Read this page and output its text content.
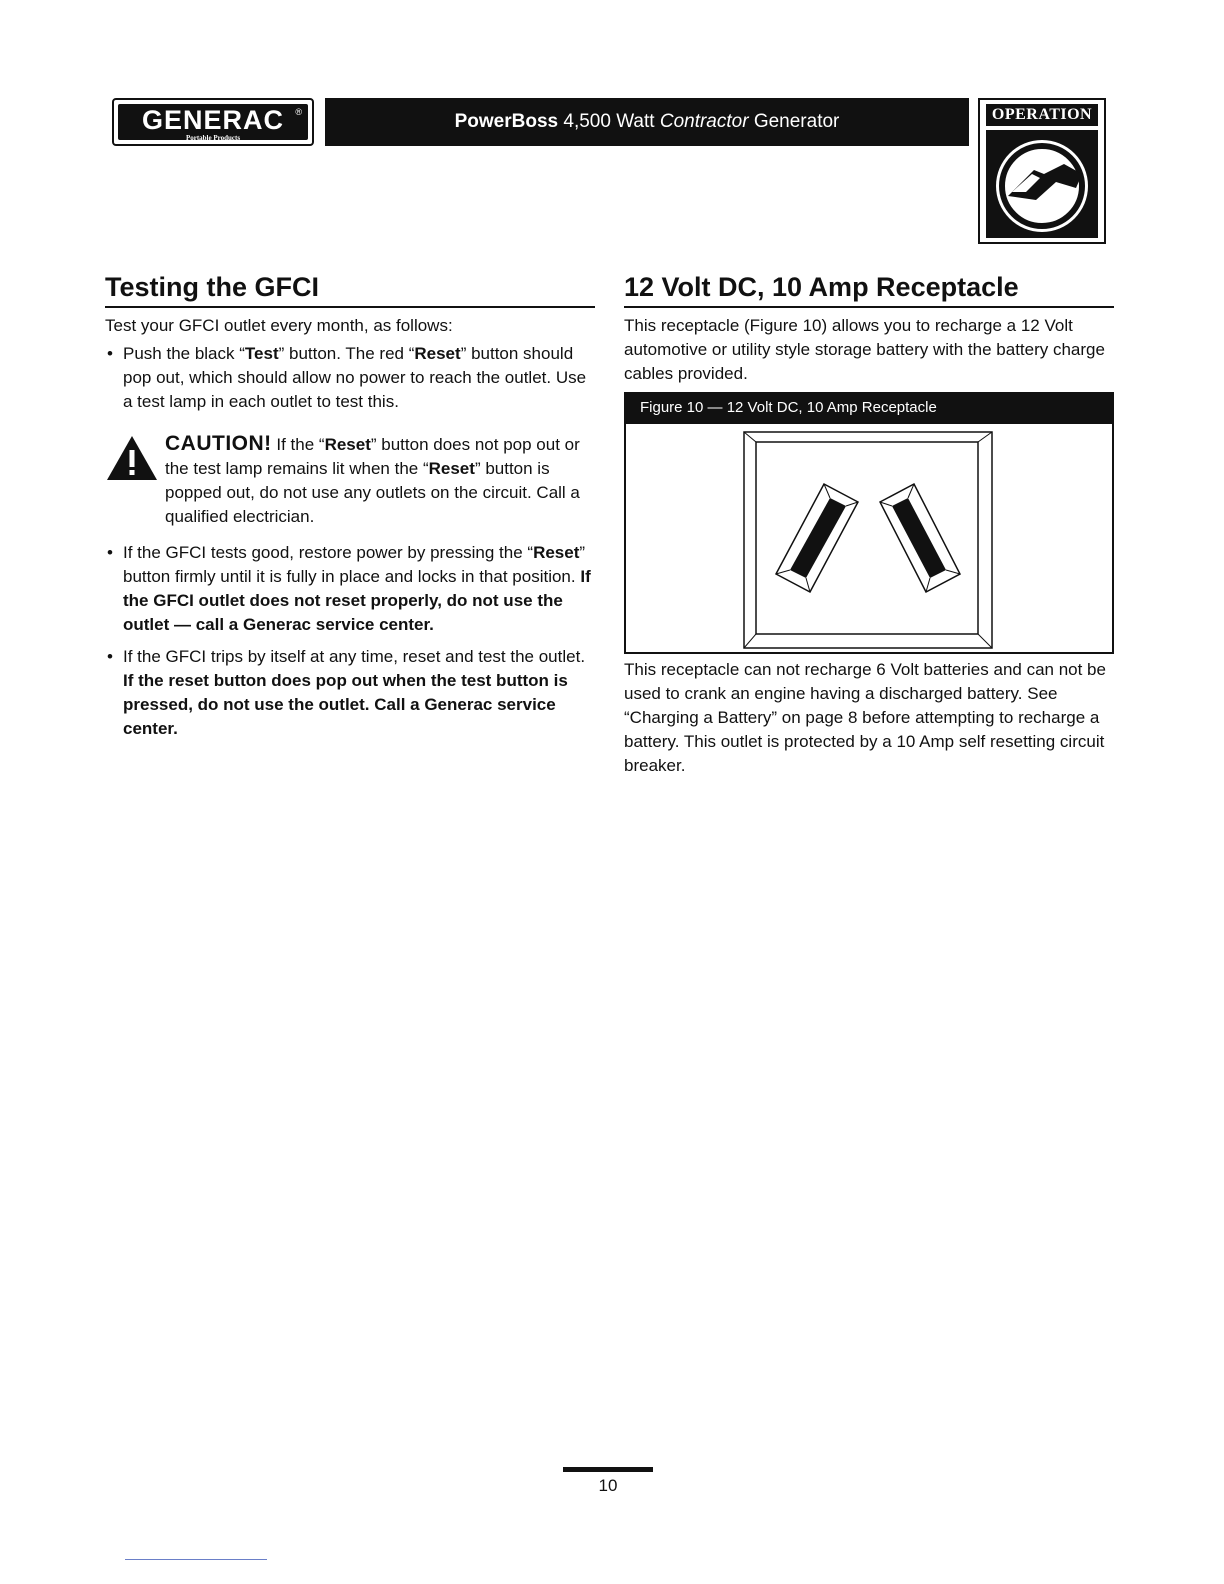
GENERAC
Portable Products
®	PowerBoss 4,500 Watt Contractor Generator	OPERATION
Testing the GFCI

Test your GFCI outlet every month, as follows:

• Push the black “Test” button. The red “Reset” button should pop out, which should allow no power to reach the outlet. Use a test lamp in each outlet to test this.
CAUTION! If the “Reset” button does not pop out or the test lamp remains lit when the “Reset” button is popped out, do not use any outlets on the circuit. Call a qualified electrician.
• If the GFCI tests good, restore power by pressing the “Reset” button firmly until it is fully in place and locks in that position. If the GFCI outlet does not reset properly, do not use the outlet — call a Generac service center.
• If the GFCI trips by itself at any time, reset and test the outlet. If the reset button does pop out when the test button is pressed, do not use the outlet. Call a Generac service center.
12 Volt DC, 10 Amp Receptacle

This receptacle (Figure 10) allows you to recharge a 12 Volt automotive or utility style storage battery with the battery charge cables provided.

Figure 10 — 12 Volt DC, 10 Amp Receptacle

This receptacle can not recharge 6 Volt batteries and can not be used to crank an engine having a discharged battery. See “Charging a Battery” on page 8 before attempting to recharge a battery. This outlet is protected by a 10 Amp self resetting circuit breaker.

10
